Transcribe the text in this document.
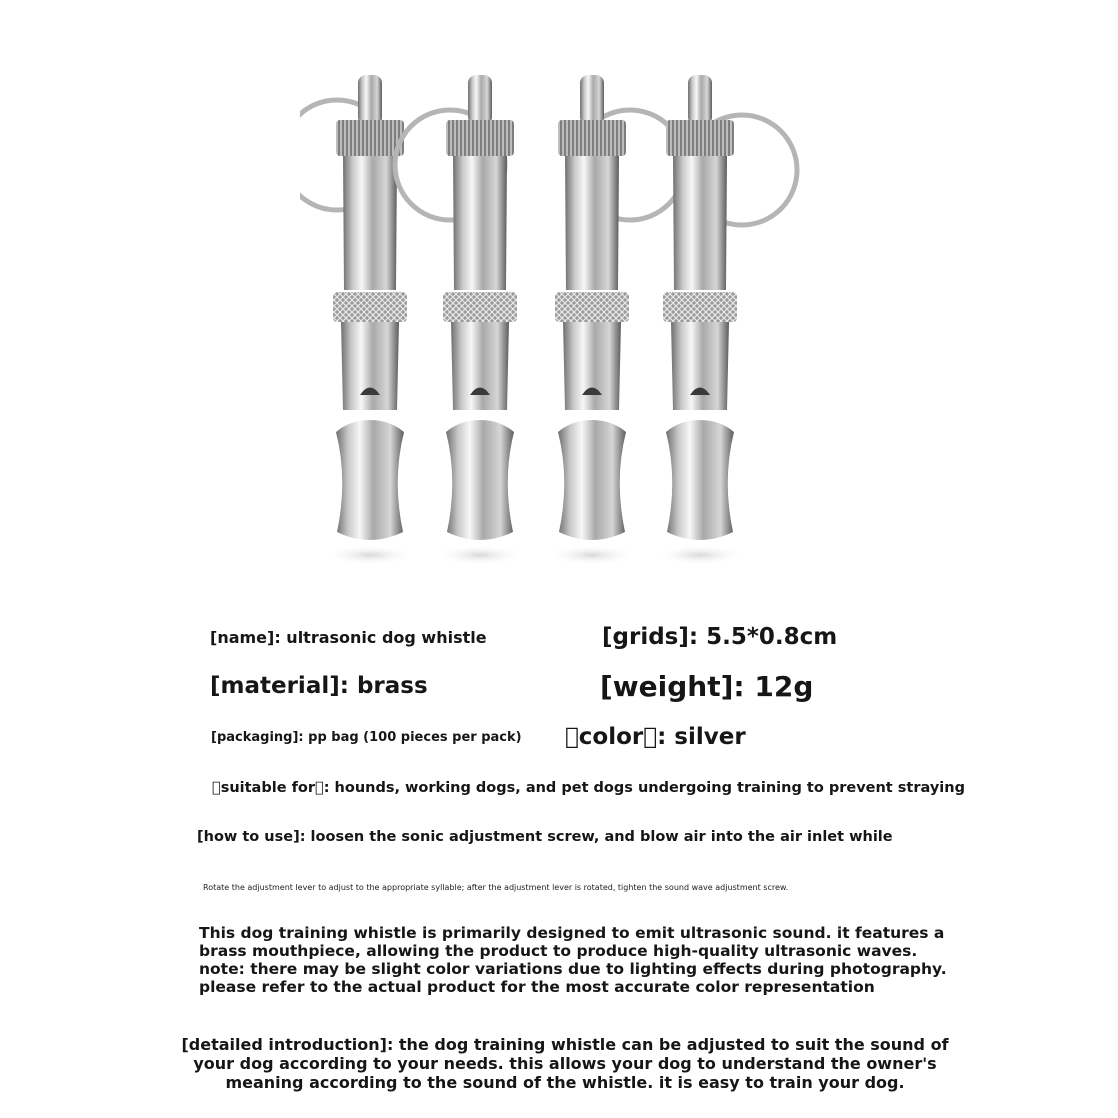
[name]: ultrasonic dog whistle	[grids]: 5.5*0.8cm
[material]: brass	[weight]: 12g
[packaging]: pp bag (100 pieces per pack)  color : silver
 suitable for : hounds, working dogs, and pet dogs undergoing training to prevent straying
[how to use]: loosen the sonic adjustment screw, and blow air into the air inlet while
Rotate the adjustment lever to adjust to the appropriate syllable; after the adjustment lever is rotated, tighten the sound wave adjustment screw.
This dog training whistle is primarily designed to emit ultrasonic sound. it features a
brass mouthpiece, allowing the product to produce high-quality ultrasonic waves.
note: there may be slight color variations due to lighting effects during photography.
please refer to the actual product for the most accurate color representation
[detailed introduction]: the dog training whistle can be adjusted to suit the sound of
your dog according to your needs. this allows your dog to understand the owner's
meaning according to the sound of the whistle. it is easy to train your dog.
